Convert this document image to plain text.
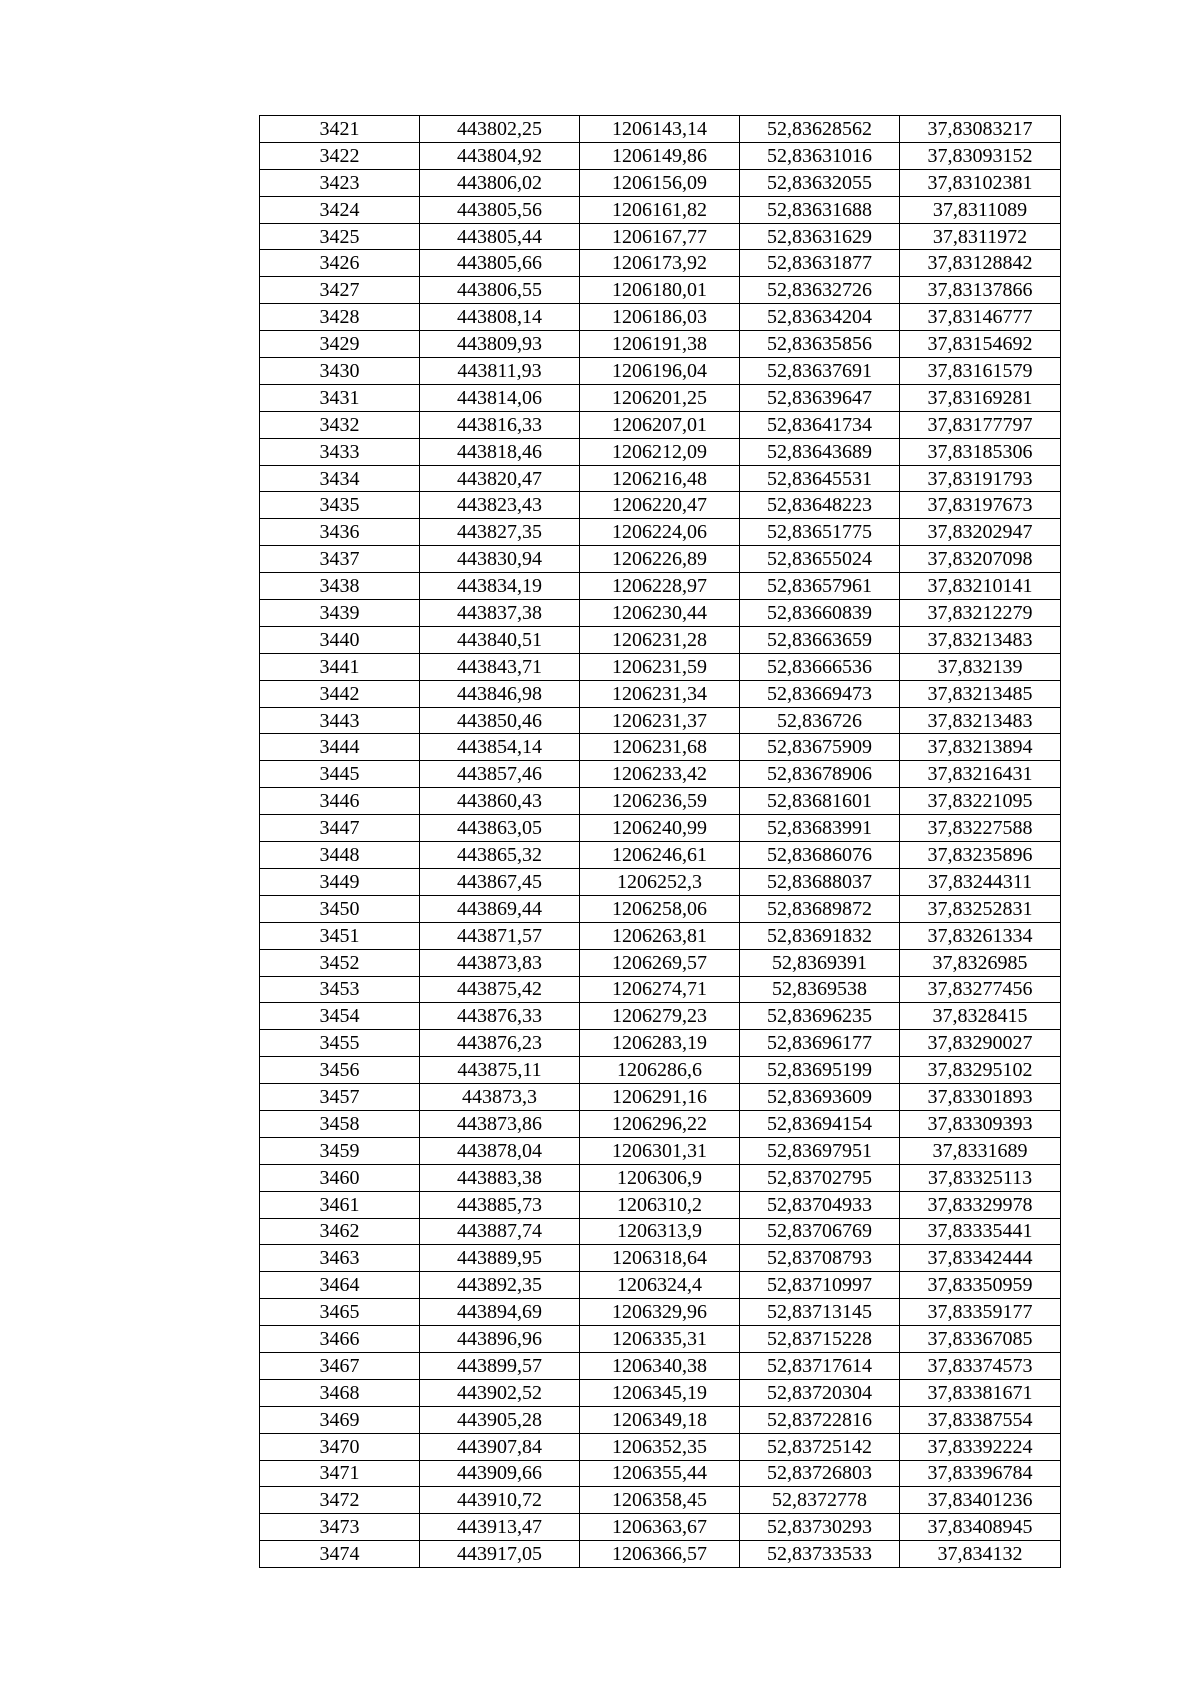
3421	443802,25	1206143,14	52,83628562	37,83083217
3422	443804,92	1206149,86	52,83631016	37,83093152
3423	443806,02	1206156,09	52,83632055	37,83102381
3424	443805,56	1206161,82	52,83631688	37,8311089
3425	443805,44	1206167,77	52,83631629	37,8311972
3426	443805,66	1206173,92	52,83631877	37,83128842
3427	443806,55	1206180,01	52,83632726	37,83137866
3428	443808,14	1206186,03	52,83634204	37,83146777
3429	443809,93	1206191,38	52,83635856	37,83154692
3430	443811,93	1206196,04	52,83637691	37,83161579
3431	443814,06	1206201,25	52,83639647	37,83169281
3432	443816,33	1206207,01	52,83641734	37,83177797
3433	443818,46	1206212,09	52,83643689	37,83185306
3434	443820,47	1206216,48	52,83645531	37,83191793
3435	443823,43	1206220,47	52,83648223	37,83197673
3436	443827,35	1206224,06	52,83651775	37,83202947
3437	443830,94	1206226,89	52,83655024	37,83207098
3438	443834,19	1206228,97	52,83657961	37,83210141
3439	443837,38	1206230,44	52,83660839	37,83212279
3440	443840,51	1206231,28	52,83663659	37,83213483
3441	443843,71	1206231,59	52,83666536	37,832139
3442	443846,98	1206231,34	52,83669473	37,83213485
3443	443850,46	1206231,37	52,836726	37,83213483
3444	443854,14	1206231,68	52,83675909	37,83213894
3445	443857,46	1206233,42	52,83678906	37,83216431
3446	443860,43	1206236,59	52,83681601	37,83221095
3447	443863,05	1206240,99	52,83683991	37,83227588
3448	443865,32	1206246,61	52,83686076	37,83235896
3449	443867,45	1206252,3	52,83688037	37,83244311
3450	443869,44	1206258,06	52,83689872	37,83252831
3451	443871,57	1206263,81	52,83691832	37,83261334
3452	443873,83	1206269,57	52,8369391	37,8326985
3453	443875,42	1206274,71	52,8369538	37,83277456
3454	443876,33	1206279,23	52,83696235	37,8328415
3455	443876,23	1206283,19	52,83696177	37,83290027
3456	443875,11	1206286,6	52,83695199	37,83295102
3457	443873,3	1206291,16	52,83693609	37,83301893
3458	443873,86	1206296,22	52,83694154	37,83309393
3459	443878,04	1206301,31	52,83697951	37,8331689
3460	443883,38	1206306,9	52,83702795	37,83325113
3461	443885,73	1206310,2	52,83704933	37,83329978
3462	443887,74	1206313,9	52,83706769	37,83335441
3463	443889,95	1206318,64	52,83708793	37,83342444
3464	443892,35	1206324,4	52,83710997	37,83350959
3465	443894,69	1206329,96	52,83713145	37,83359177
3466	443896,96	1206335,31	52,83715228	37,83367085
3467	443899,57	1206340,38	52,83717614	37,83374573
3468	443902,52	1206345,19	52,83720304	37,83381671
3469	443905,28	1206349,18	52,83722816	37,83387554
3470	443907,84	1206352,35	52,83725142	37,83392224
3471	443909,66	1206355,44	52,83726803	37,83396784
3472	443910,72	1206358,45	52,8372778	37,83401236
3473	443913,47	1206363,67	52,83730293	37,83408945
3474	443917,05	1206366,57	52,83733533	37,834132
